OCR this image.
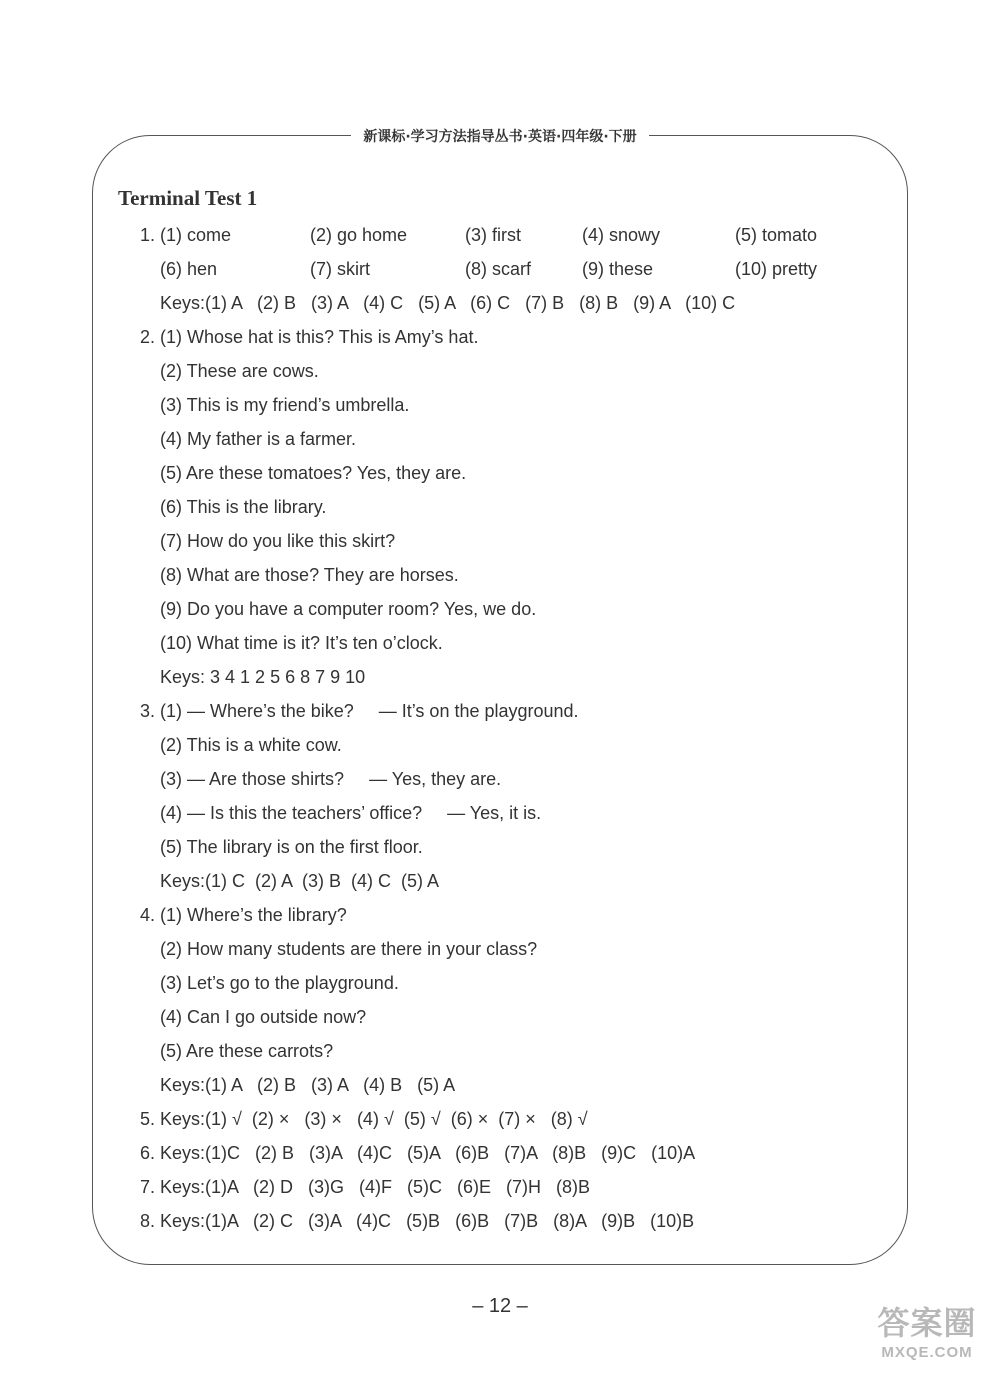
新课标·学习方法指导丛书·英语·四年级·下册
Terminal Test 1
1. (1) come	(2) go home	(3) first	(4) snowy	(5) tomato
(6) hen	(7) skirt	(8) scarf	(9) these	(10) pretty
Keys:(1) A   (2) B   (3) A   (4) C   (5) A   (6) C   (7) B   (8) B   (9) A   (10) C
2. (1) Whose hat is this? This is Amy’s hat.
(2) These are cows.
(3) This is my friend’s umbrella.
(4) My father is a farmer.
(5) Are these tomatoes? Yes, they are.
(6) This is the library.
(7) How do you like this skirt?
(8) What are those? They are horses.
(9) Do you have a computer room? Yes, we do.
(10) What time is it? It’s ten o’clock.
Keys: 3 4 1 2 5 6 8 7 9 10
3. (1) — Where’s the bike?     — It’s on the playground.
(2) This is a white cow.
(3) — Are those shirts?     — Yes, they are.
(4) — Is this the teachers’ office?     — Yes, it is.
(5) The library is on the first floor.
Keys:(1) C  (2) A  (3) B  (4) C  (5) A
4. (1) Where’s the library?
(2) How many students are there in your class?
(3) Let’s go to the playground.
(4) Can I go outside now?
(5) Are these carrots?
Keys:(1) A   (2) B   (3) A   (4) B   (5) A
5. Keys:(1) √  (2) ×   (3) ×   (4) √  (5) √  (6) ×  (7) ×   (8) √
6. Keys:(1)C   (2) B   (3)A   (4)C   (5)A   (6)B   (7)A   (8)B   (9)C   (10)A
7. Keys:(1)A   (2) D   (3)G   (4)F   (5)C   (6)E   (7)H   (8)B
8. Keys:(1)A   (2) C   (3)A   (4)C   (5)B   (6)B   (7)B   (8)A   (9)B   (10)B
– 12 –	答案圈
MXQE.COM
